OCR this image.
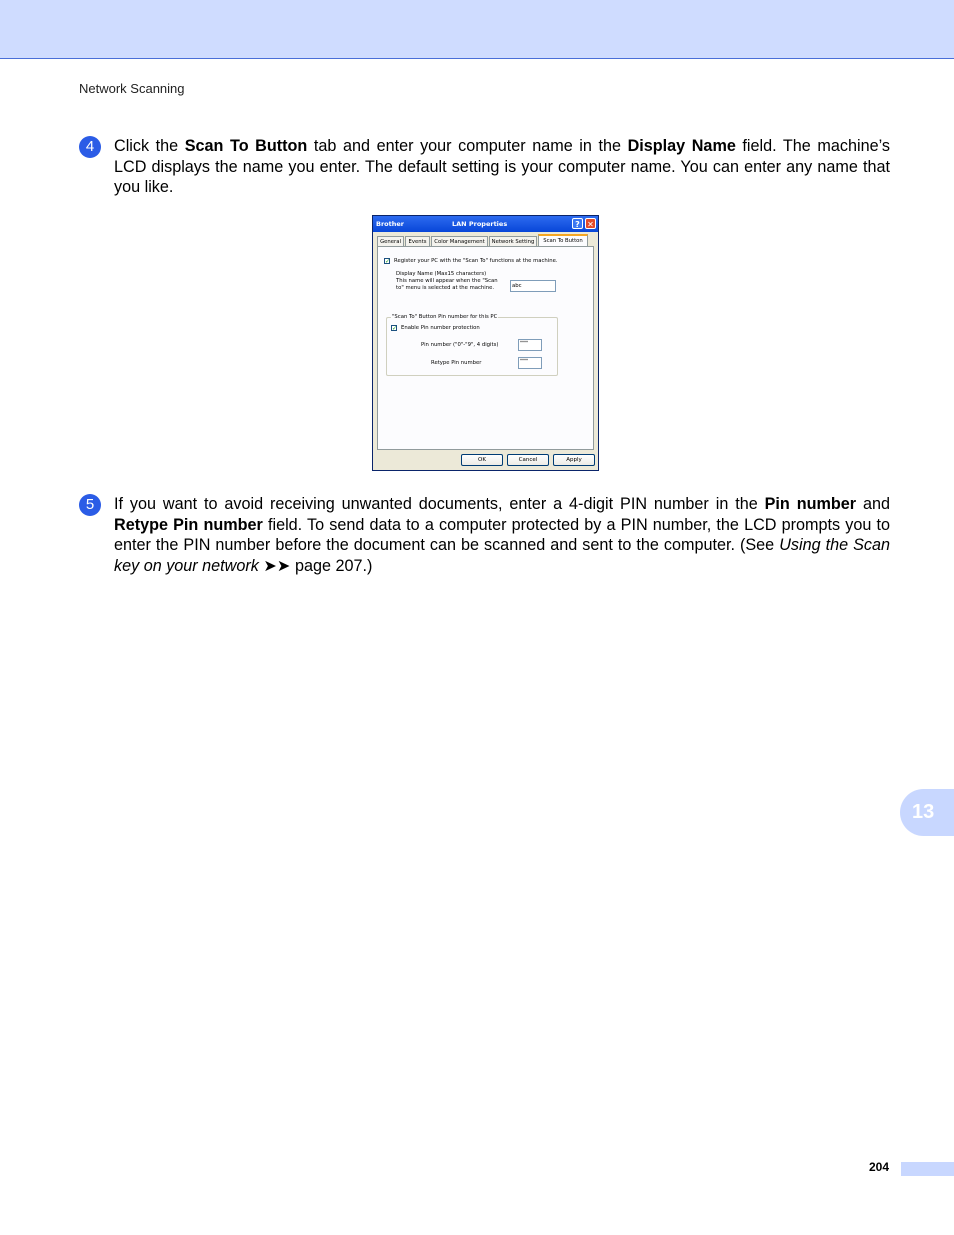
Network Scanning
4	Click the Scan To Button tab and enter your computer name in the Display Name field. The machine’s LCD displays the name you enter. The default setting is your computer name. You can enter any name that you like.
Brother	LAN Properties	? ✕
General	Events	Color Management	Network Setting	Scan To Button
✓ Register your PC with the "Scan To" functions at the machine.
Display Name (Max15 characters)
This name will appear when the "Scan
to" menu is selected at the machine.	abc
"Scan To" Button Pin number for this PC
✓ Enable Pin number protection
Pin number ("0"-"9", 4 digits)	****
Retype Pin number	****
OK	Cancel	Apply
5	If you want to avoid receiving unwanted documents, enter a 4-digit PIN number in the Pin number and Retype Pin number field. To send data to a computer protected by a PIN number, the LCD prompts you to enter the PIN number before the document can be scanned and sent to the computer. (See Using the Scan key on your network ➤➤ page 207.)
13
204
